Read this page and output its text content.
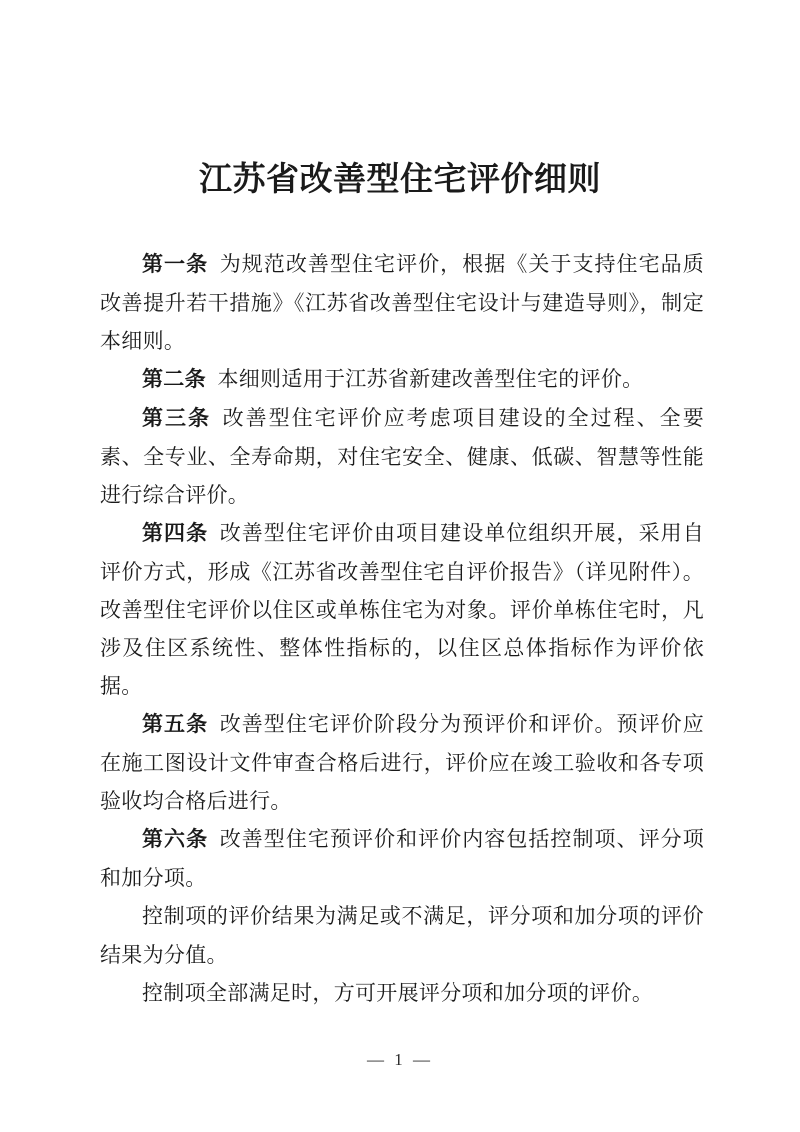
江苏省改善型住宅评价细则

第一条 为规范改善型住宅评价，根据《关于支持住宅品质改善提升若干措施》《江苏省改善型住宅设计与建造导则》，制定本细则。

第二条 本细则适用于江苏省新建改善型住宅的评价。

第三条 改善型住宅评价应考虑项目建设的全过程、全要素、全专业、全寿命期，对住宅安全、健康、低碳、智慧等性能进行综合评价。

第四条 改善型住宅评价由项目建设单位组织开展，采用自评价方式，形成《江苏省改善型住宅自评价报告》（详见附件）。改善型住宅评价以住区或单栋住宅为对象。评价单栋住宅时，凡涉及住区系统性、整体性指标的，以住区总体指标作为评价依据。

第五条 改善型住宅评价阶段分为预评价和评价。预评价应在施工图设计文件审查合格后进行，评价应在竣工验收和各专项验收均合格后进行。

第六条 改善型住宅预评价和评价内容包括控制项、评分项和加分项。

控制项的评价结果为满足或不满足，评分项和加分项的评价结果为分值。

控制项全部满足时，方可开展评分项和加分项的评价。

— 1 —
